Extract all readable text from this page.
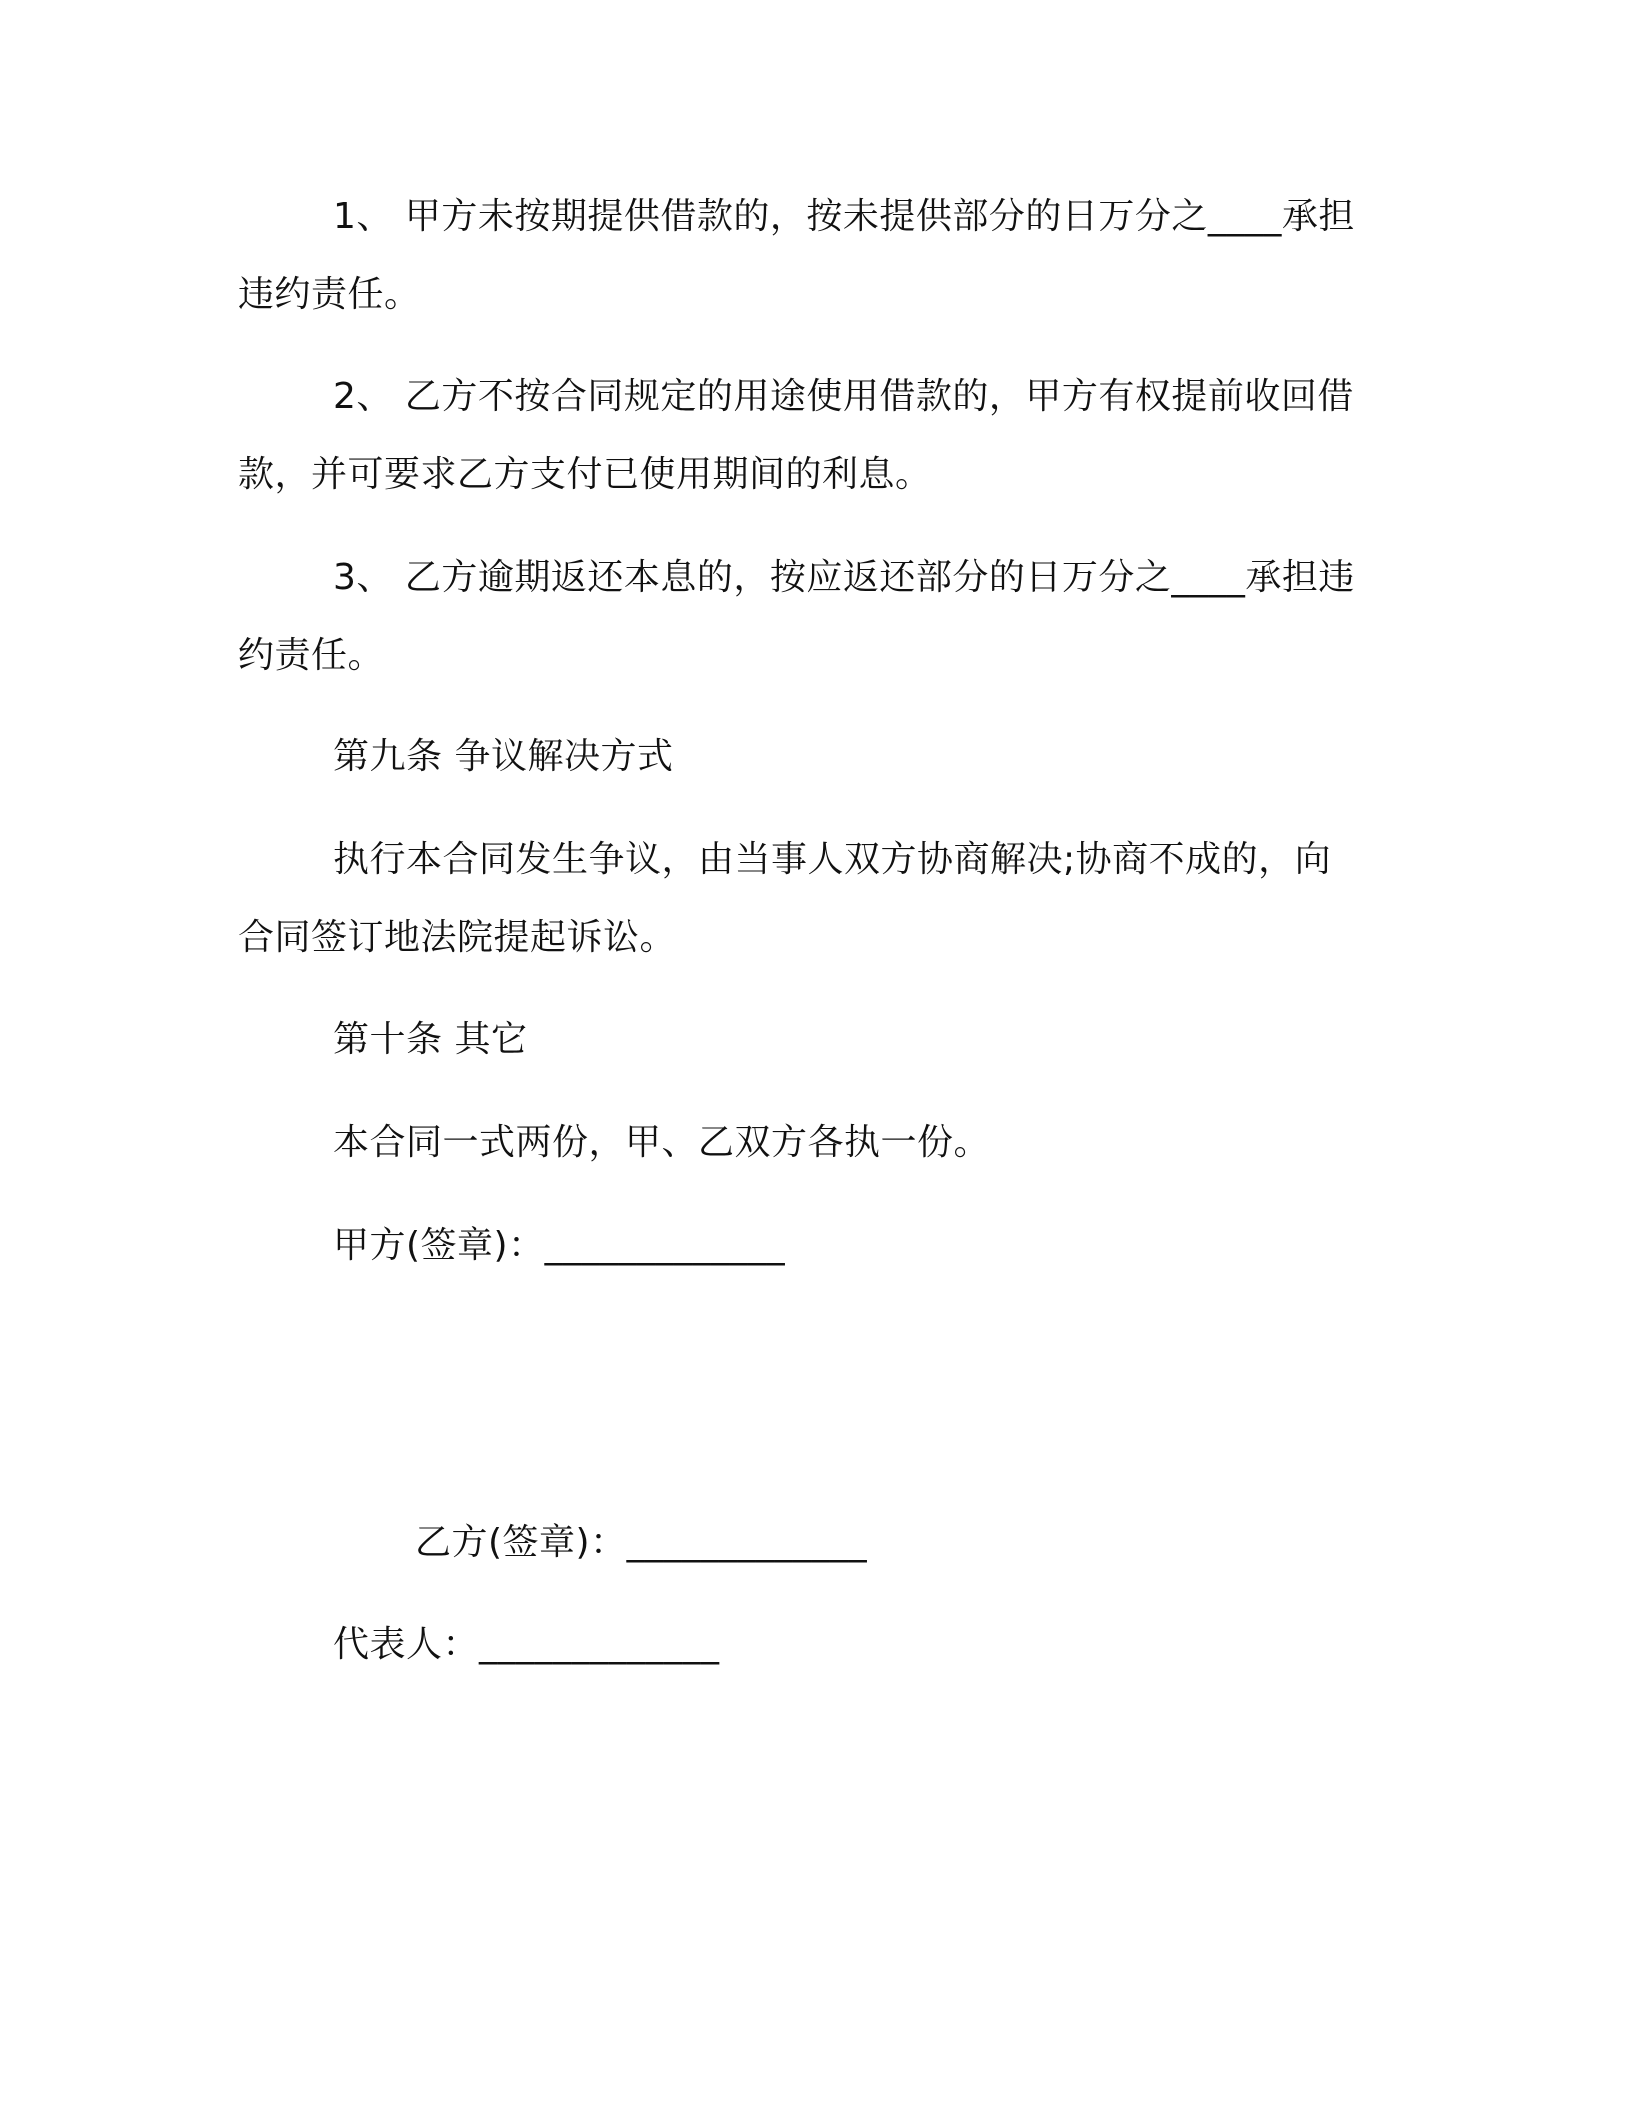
1、 甲方未按期提供借款的，按未提供部分的日万分之____承担
违约责任。
2、 乙方不按合同规定的用途使用借款的，甲方有权提前收回借
款，并可要求乙方支付已使用期间的利息。
3、 乙方逾期返还本息的，按应返还部分的日万分之____承担违
约责任。
第九条 争议解决方式
执行本合同发生争议，由当事人双方协商解决;协商不成的，向
合同签订地法院提起诉讼。
第十条 其它
本合同一式两份，甲、乙双方各执一份。
甲方(签章)：_____________
乙方(签章)：_____________
代表人：_____________
